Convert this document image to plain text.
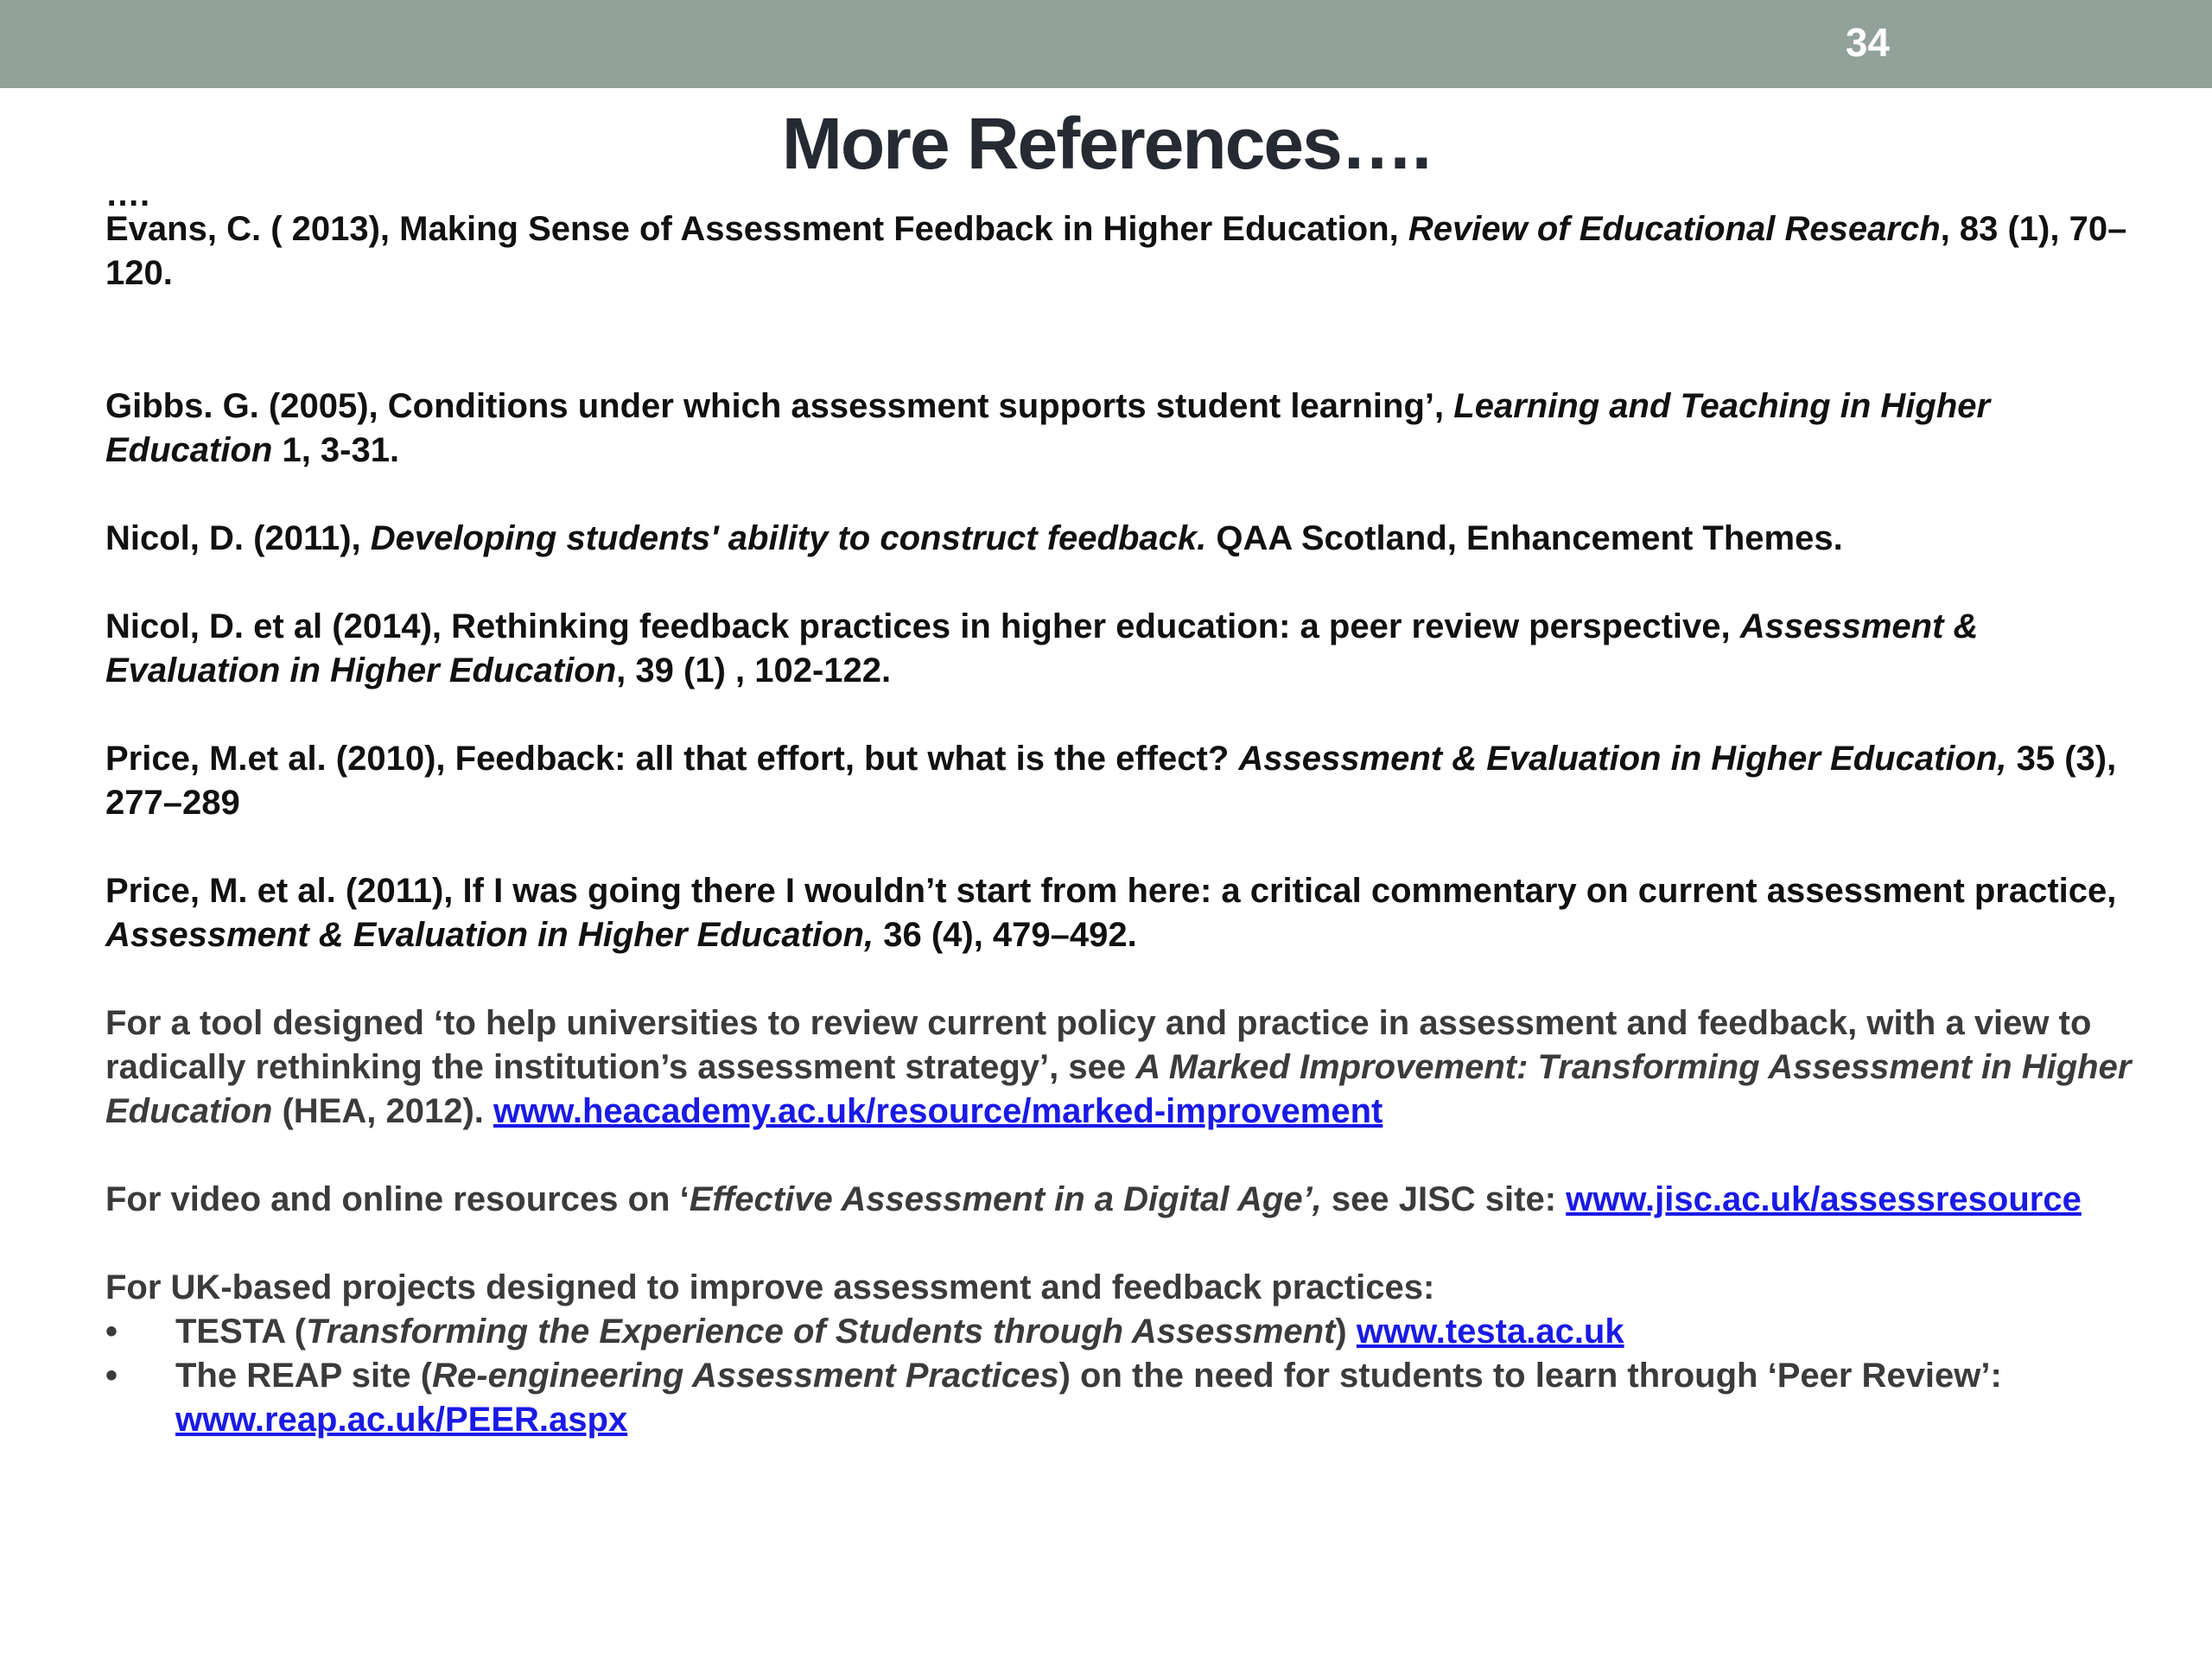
34
More References….

….

Evans, C. ( 2013), Making Sense of Assessment Feedback in Higher Education, Review of Educational Research, 83 (1), 70–120.

Gibbs. G. (2005), Conditions under which assessment supports student learning’, Learning and Teaching in Higher Education 1, 3-31.

Nicol, D. (2011), Developing students' ability to construct feedback. QAA Scotland, Enhancement Themes.

Nicol, D. et al (2014), Rethinking feedback practices in higher education: a peer review perspective, Assessment & Evaluation in Higher Education, 39 (1) , 102-122.

Price, M.et al. (2010), Feedback: all that effort, but what is the effect? Assessment & Evaluation in Higher Education, 35 (3), 277–289

Price, M. et al. (2011), If I was going there I wouldn’t start from here: a critical commentary on current assessment practice, Assessment & Evaluation in Higher Education, 36 (4), 479–492.

For a tool designed ‘to help universities to review current policy and practice in assessment and feedback, with a view to radically rethinking the institution’s assessment strategy’, see A Marked Improvement: Transforming Assessment in Higher Education (HEA, 2012). www.heacademy.ac.uk/resource/marked-improvement

For video and online resources on ‘Effective Assessment in a Digital Age’, see JISC site: www.jisc.ac.uk/assessresource

For UK-based projects designed to improve assessment and feedback practices:

• TESTA (Transforming the Experience of Students through Assessment) www.testa.ac.uk
• The REAP site (Re-engineering Assessment Practices) on the need for students to learn through ‘Peer Review’: www.reap.ac.uk/PEER.aspx
